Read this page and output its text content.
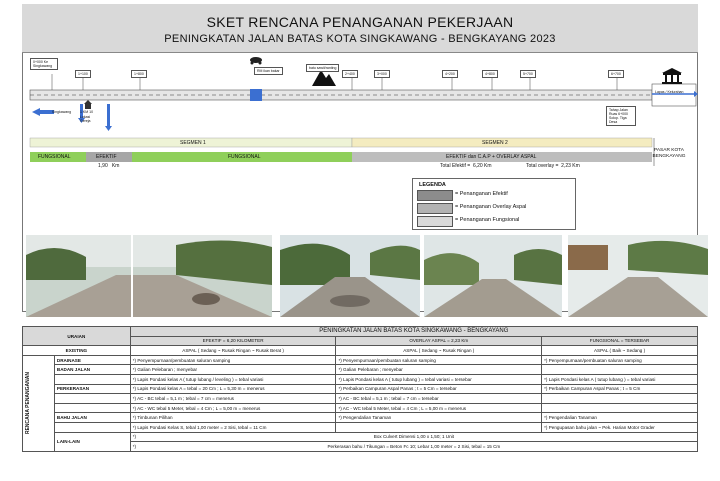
SKET RENCANA PENANGANAN PEKERJAAN
PENINGKATAN JALAN BATAS KOTA SINGKAWANG - BENGKAYANG 2023
0+000 Ke Singkawang
1+100	1+800	2+400	3+000	4+200	4+800	5+700	6+700
RM ikan bakar
batu sawit/ranting
Singkawang
Lapas / Kelurahan
1 KM 10 Lokasi Gereja
Tahap Jalan Ruas 6+000 Solop. Tiga Desa
PASAR KOTA BENGKAYANG
SEGMEN 1	SEGMEN 2
FUNGSIONAL	EFEKTIF	FUNGSIONAL	EFEKTIF dan C.A.P + OVERLAY ASPAL
1,90 Km	Total Efektif = 6,20 Km	Total overlay = 2,23 Km
LEGENDA
= Penanganan Efektif
= Penanganan Overlay Aspal
= Penanganan Fungsional
URAIAN		PENINGKATAN JALAN BATAS KOTA SINGKAWANG - BENGKAYANG		
		EFEKTIF = 6,20 KILOMETER	OVERLAY ASPAL = 2,23 Km	FUNGSIONAL = TERSEBAR
EXISTING		ASPAL ( Sedang ~ Rusak Ringan ~ Rusak Berat )	ASPAL ( Sedang ~ Rusak Ringan )	ASPAL ( Baik ~ Sedang )

RENCANA PENANGANAN	DRAINASE	*) Penyempurnaan/pembuatan saluran samping	*) Penyempurnaan/pembuatan saluran samping	*) Penyempurnaan/pembuatan saluran samping
	BADAN JALAN	*) Galian Pelebaran ; menyebar	*) Galian Pelebaran ; menyebar	
		*) Lapis Pondasi kelas A ( tutup lubang / leveling ) = tebal variasi	*) Lapis Pondasi kelas A ( tutup lubang ) = tebal variasi = tersebar	*) Lapis Pondasi kelas A ( tutup lubang ) = tebal variasi
	PERKERASAN	*) Lapis Pondasi kelas A = tebal = 20 Cm ; L = 5,30 m = menerus	*) Perbaikan Campuran Aspal Panas ; t = 5 Cm = tersebar	*) Perbaikan Campuran Aspal Panas ; t = 5 Cm
		*) AC - BC tebal = 5,1 m ; tebal = 7 cm = menerus	*) AC - BC tebal = 5,1 m ; tebal = 7 cm = tersebar	
		*) AC - WC tebal 5 Meter, tebal = 4 Cm ; L = 5,00 m = menerus	*) AC - WC tebal 5 Meter, tebal = 4 Cm ; L = 5,00 m = menerus	
	BAHU JALAN	*) Timbunan Pilihan	*) Pengendalian Tanaman	*) Pengendalian Tanaman
		*) Lapis Pondasi Kelas S, tebal 1,00 meter = 2 Sisi, tebal = 11 Cm		*) Pengupasan bahu jalan ~ Pek. Harian Motor Grader
	LAIN-LAIN	*) Box Culvert Dimensi 1,00 x 1,50; 1 Unit		

		*) Perkerasan bahu / Tikungan = Beton Fc 10; Lebar 1,00 meter = 2 Sisi, tebal = 15 Cm		
